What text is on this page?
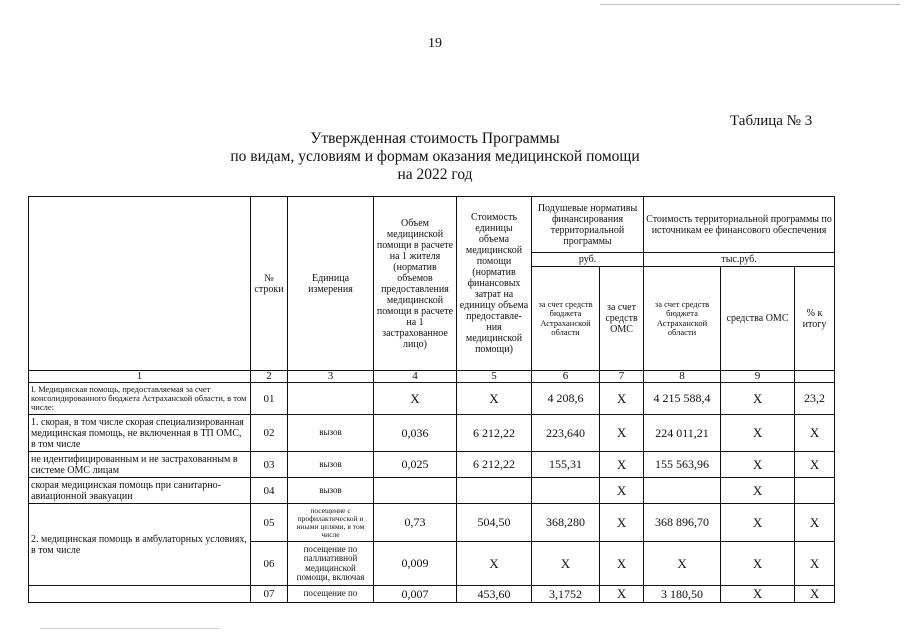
19
Таблица № 3
Утвержденная стоимость Программы
по видам, условиям и формам оказания медицинской помощи
на 2022 год
	№ строки	Единица измерения	Объем медицинской помощи в расчете на 1 жителя (норматив объемов предоставления медицинской помощи в расчете на 1 застрахованное лицо)	Стоимость единицы объема медицинской помощи (норматив финансовых затрат на единицу объема предоставле-ния медицинской помощи)	Подушевые нормативы финансирования территориальной программы		Стоимость территориальной программы по источникам ее финансового обеспечения		
					руб.		тыс.руб.		
					за счет средств бюджета Астраханской области	за счет средств ОМС	за счет средств бюджета Астраханской области	средства ОМС	% к итогу
1	2	3	4	5	6	7	8	9	
I. Медицинская помощь, предоставляемая за счет консолидированного бюджета Астраханской области, в том числе:	01		X	X	4 208,6	X	4 215 588,4	X	23,2
1. скорая, в том числе скорая специализированная медицинская помощь, не включенная в ТП ОМС, в том числе	02	вызов	0,036	6 212,22	223,640	X	224 011,21	X	X
не идентифицированным и не застрахованным в системе ОМС лицам	03	вызов	0,025	6 212,22	155,31	X	155 563,96	X	X
скорая медицинская помощь при санитарно-авиационной эвакуации	04	вызов				X		X	
2. медицинская помощь в амбулаторных условиях, в том числе	05	посещение с профилактической и иными целями, в том числе	0,73	504,50	368,280	X	368 896,70	X	X
	06	посещение по паллиативной медицинской помощи, включая	0,009	X	X	X	X	X	X
	07	посещение по	0,007	453,60	3,1752	X	3 180,50	X	X
